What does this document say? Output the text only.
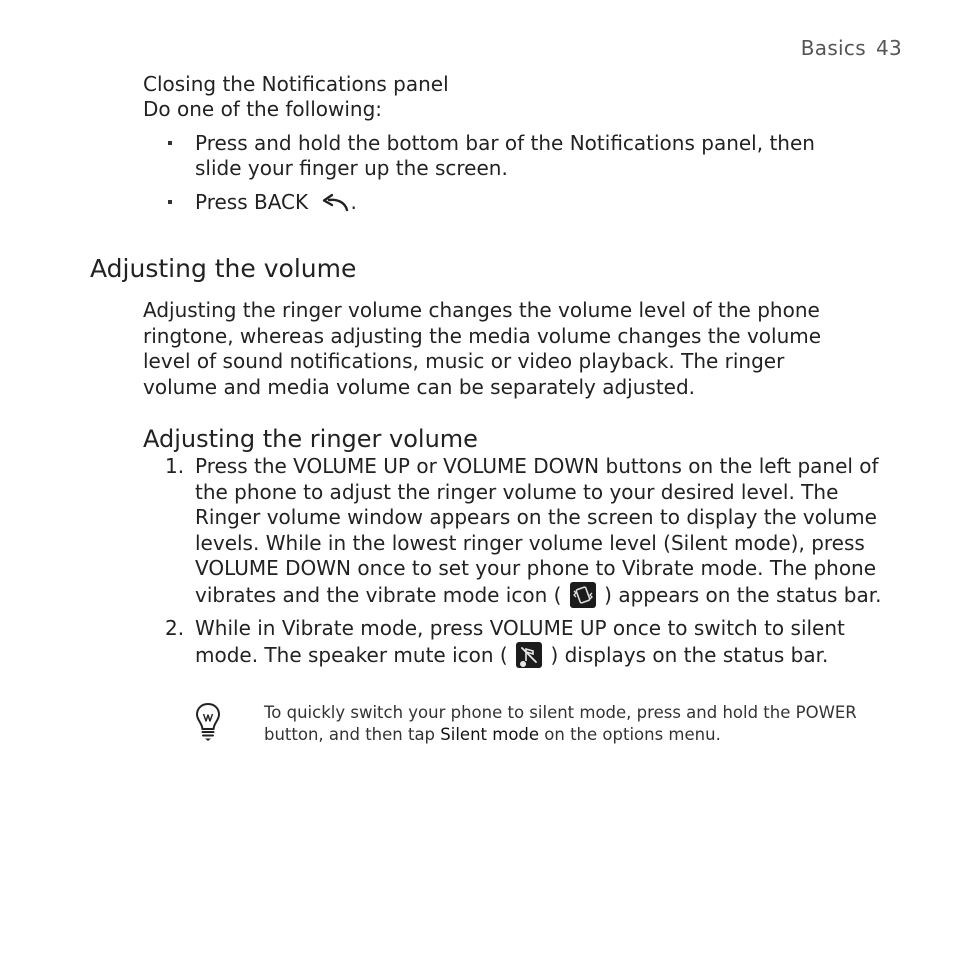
Basics 43
Closing the Notifications panel
Do one of the following:
Press and hold the bottom bar of the Notifications panel, then slide your finger up the screen.
Press BACK .
Adjusting the volume
Adjusting the ringer volume changes the volume level of the phone ringtone, whereas adjusting the media volume changes the volume level of sound notifications, music or video playback. The ringer volume and media volume can be separately adjusted.
Adjusting the ringer volume
1. Press the VOLUME UP or VOLUME DOWN buttons on the left panel of the phone to adjust the ringer volume to your desired level. The Ringer volume window appears on the screen to display the volume levels. While in the lowest ringer volume level (Silent mode), press VOLUME DOWN once to set your phone to Vibrate mode. The phone vibrates and the vibrate mode icon ( ) appears on the status bar.
2. While in Vibrate mode, press VOLUME UP once to switch to silent mode. The speaker mute icon ( ) displays on the status bar.
To quickly switch your phone to silent mode, press and hold the POWER button, and then tap Silent mode on the options menu.
